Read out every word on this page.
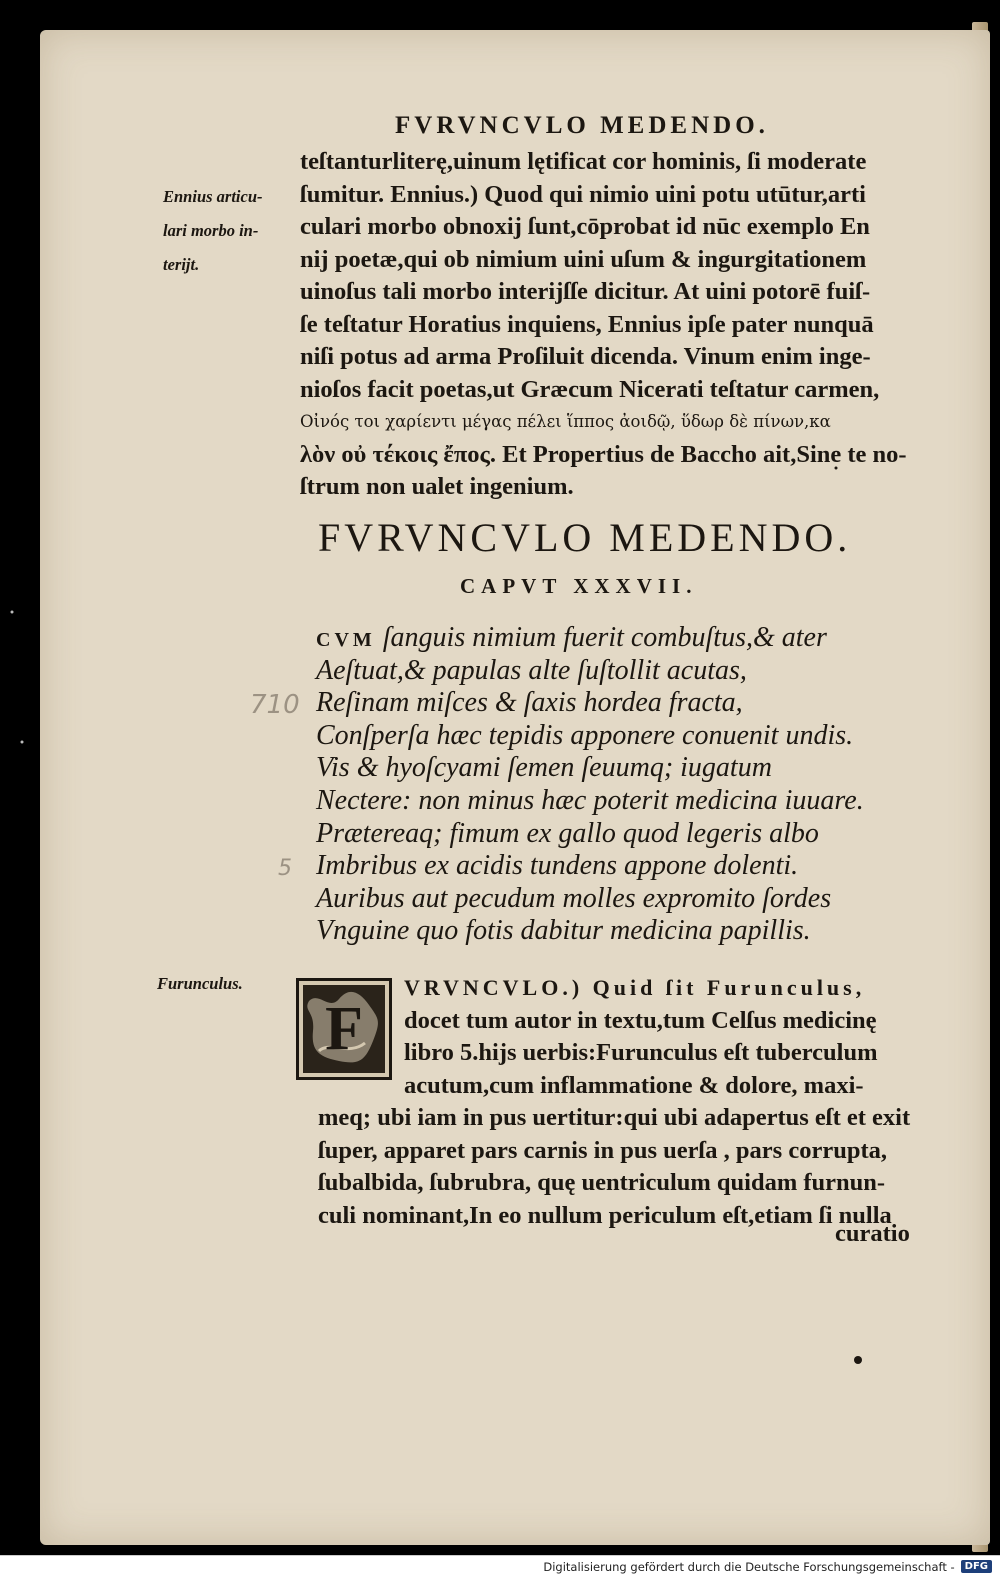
FVRVNCVLO MEDENDO.
Ennius articu-
lari morbo in-
terijt.
teſtanturliterę,uinum lętificat cor hominis, ſi moderate
ſumitur. Ennius.) Quod qui nimio uini potu utūtur,arti
culari morbo obnoxij ſunt,cōprobat id nūc exemplo En
nij poetæ,qui ob nimium uini uſum & ingurgitationem
uinoſus tali morbo interijſſe dicitur. At uini potorē fuiſ-
ſe teſtatur Horatius inquiens, Ennius ipſe pater nunquā
niſi potus ad arma Proſiluit dicenda. Vinum enim inge-
nioſos facit poetas,ut Græcum Nicerati teſtatur carmen,
Οἰνός τοι χαρίεντι μέγας πέλει ἵππος ἀοιδῷ, ὕδωρ δὲ πίνων,κα
λὸν οὐ τέκοις ἔπος. Et Propertius de Baccho ait,Sine te no-
ſtrum non ualet ingenium.
FVRVNCVLO MEDENDO.
CAPVT XXXVII.
710
5
CVM ſanguis nimium fuerit combuſtus,& ater
Aeſtuat,& papulas alte ſuſtollit acutas,
Reſinam miſces & ſaxis hordea fracta,
Conſperſa hæc tepidis apponere conuenit undis.
Vis & hyoſcyami ſemen ſeuumq; iugatum
Nectere: non minus hæc poterit medicina iuuare.
Prætereaq; fimum ex gallo quod legeris albo
Imbribus ex acidis tundens appone dolenti.
Auribus aut pecudum molles expromito ſordes
Vnguine quo fotis dabitur medicina papillis.
Furunculus.
F
VRVNCVLO.) Quid ſit Furunculus,
docet tum autor in textu,tum Celſus medicinę
libro 5.hijs uerbis:Furunculus eſt tuberculum
acutum,cum inflammatione & dolore, maxi-
meq; ubi iam in pus uertitur:qui ubi adapertus eſt et exit
ſuper, apparet pars carnis in pus uerſa , pars corrupta,
ſubalbida, ſubrubra, quę uentriculum quidam furnun-
culi nominant,In eo nullum periculum eſt,etiam ſi nulla
curatio
Digitalisierung gefördert durch die Deutsche Forschungsgemeinschaft -	DFG
